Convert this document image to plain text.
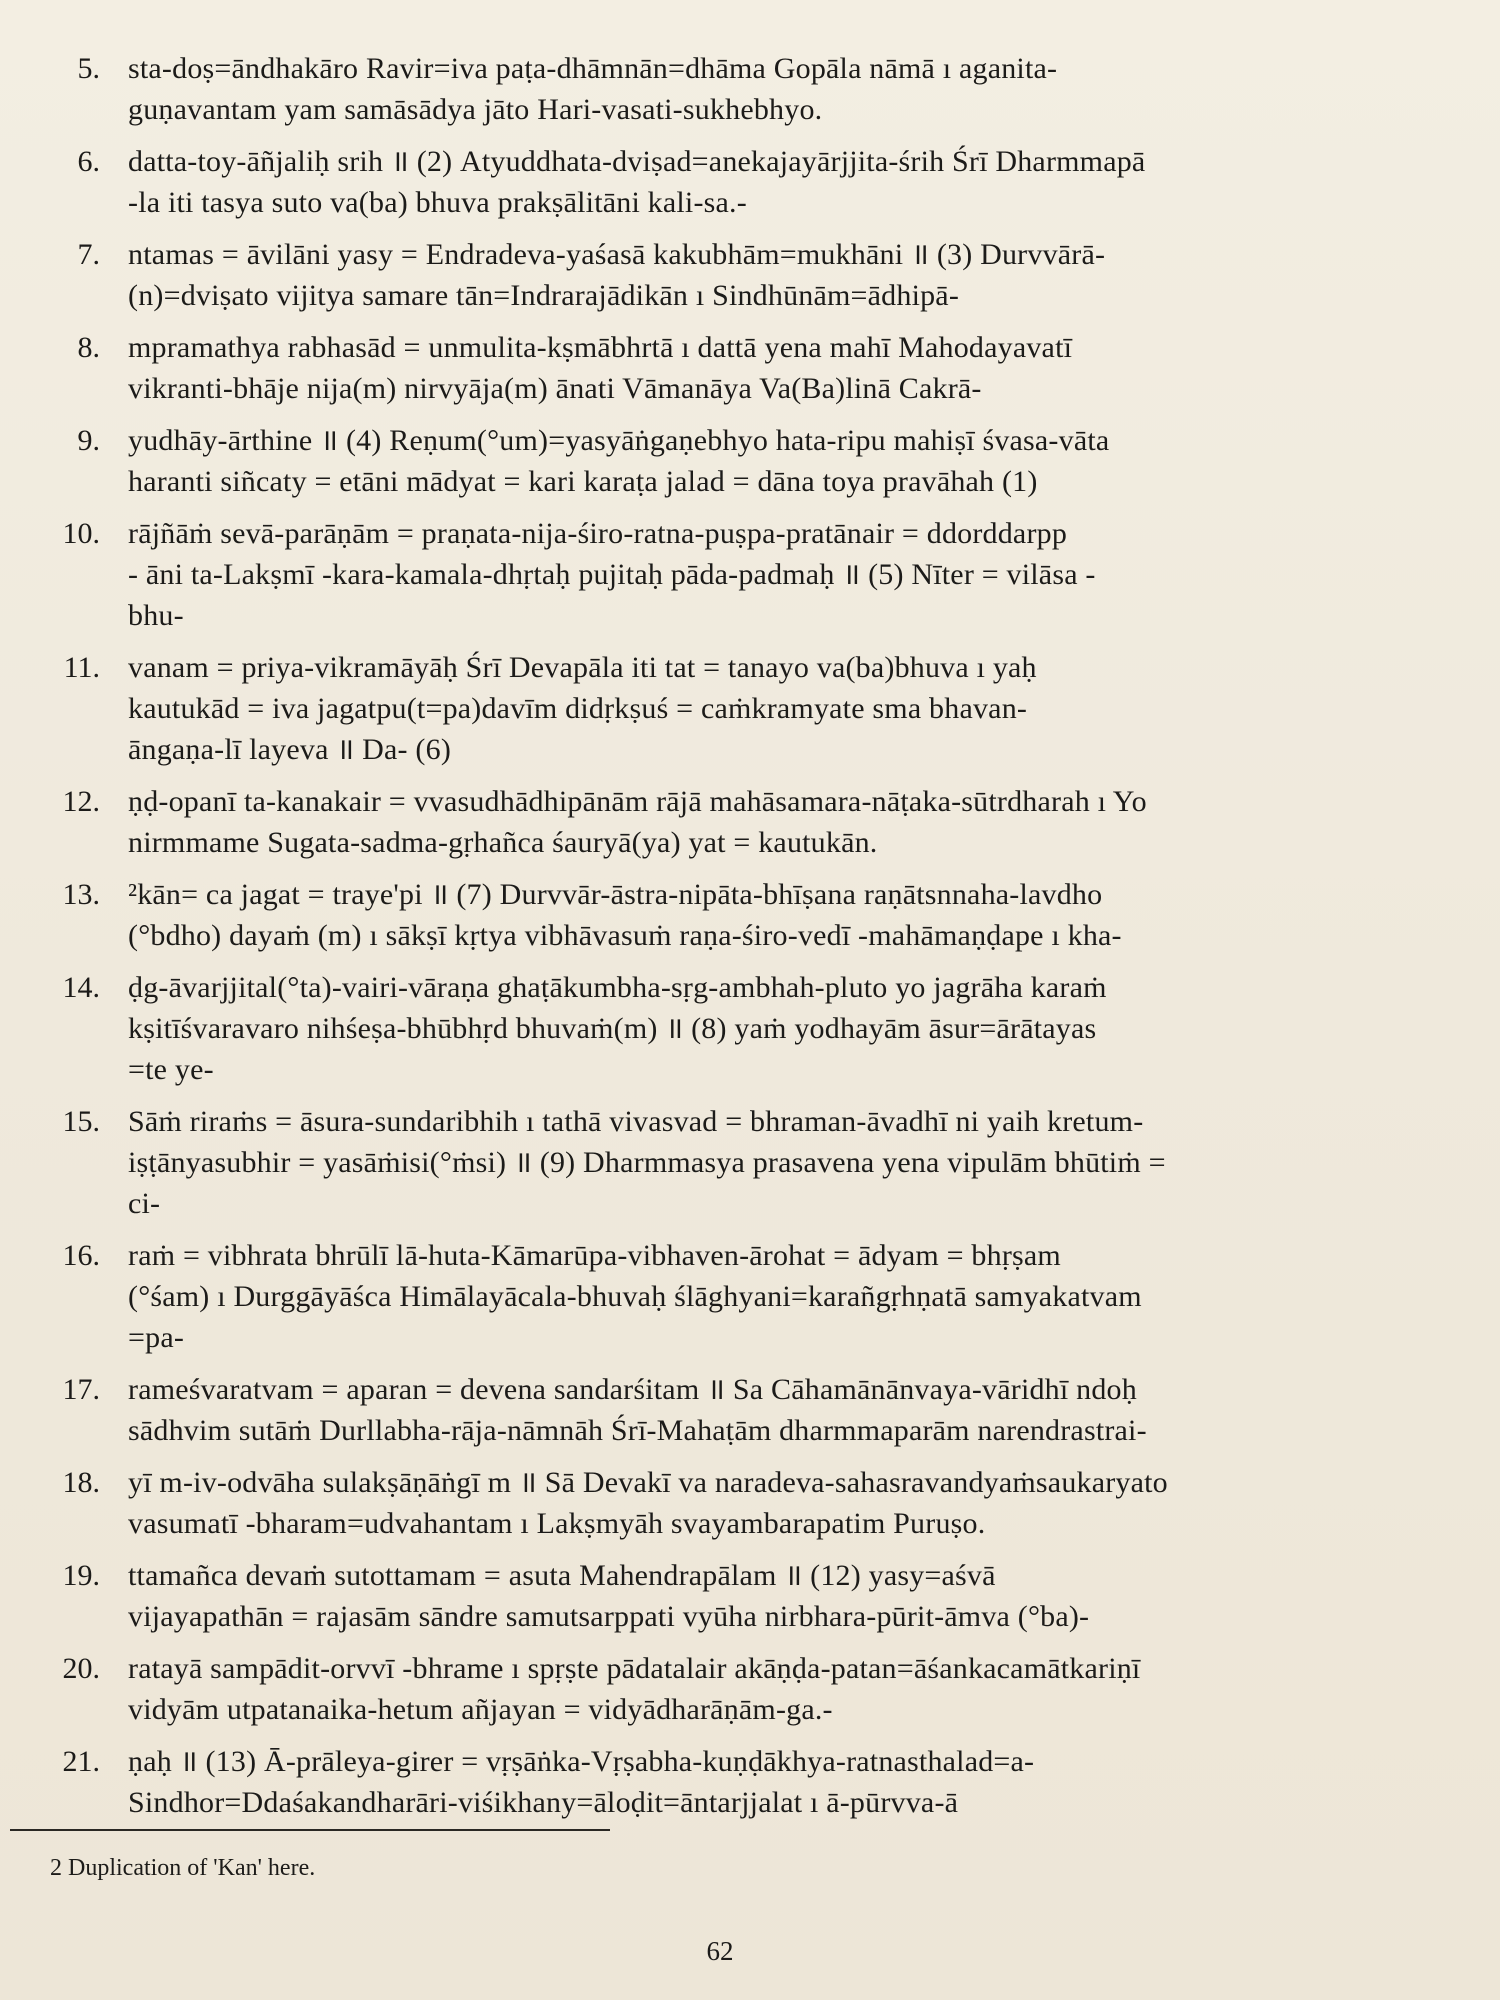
5. sta-doṣ=āndhakāro Ravir=iva paṭa-dhāmnān=dhāma Gopāla nāmā ı aganita-
guṇavantam yam samāsādya jāto Hari-vasati-sukhebhyo.
6. datta-toy-āñjaliḥ srih ॥ (2) Atyuddhata-dviṣad=anekajayārjjita-śrih Śrī Dharmmapā
-la iti tasya suto va(ba) bhuva prakṣālitāni kali-sa.-
7. ntamas = āvilāni yasy = Endradeva-yaśasā kakubhām=mukhāni ॥ (3) Durvvārā-
(n)=dviṣato vijitya samare tān=Indrarajādikān ı Sindhūnām=ādhipā-
8. mpramathya rabhasād = unmulita-kṣmābhrtā ı dattā yena mahī Mahodayavatī
vikranti-bhāje nija(m) nirvyāja(m) ānati Vāmanāya Va(Ba)linā Cakrā-
9. yudhāy-ārthine ॥ (4) Reṇum(°um)=yasyāṅgaṇebhyo hata-ripu mahiṣī śvasa-vāta
haranti siñcaty = etāni mādyat = kari karaṭa jalad = dāna toya pravāhah (1)
10. rājñāṁ sevā-parāṇām = praṇata-nija-śiro-ratna-puṣpa-pratānair = ddorddarpp
- āni ta-Lakṣmī -kara-kamala-dhṛtaḥ pujitaḥ pāda-padmaḥ ॥ (5) Nīter = vilāsa -
bhu-
11. vanam = priya-vikramāyāḥ Śrī Devapāla iti tat = tanayo va(ba)bhuva ı yaḥ
kautukād = iva jagatpu(t=pa)davīm didṛkṣuś = caṁkramyate sma bhavan-
āngaṇa-lī layeva ॥ Da- (6)
12. ṇḍ-opanī ta-kanakair = vvasudhādhipānām rājā mahāsamara-nāṭaka-sūtrdharah ı Yo
nirmmame Sugata-sadma-gṛhañca śauryā(ya) yat = kautukān.
13. ²kān= ca jagat = traye'pi ॥ (7) Durvvār-āstra-nipāta-bhīṣana raṇātsnnaha-lavdho
(°bdho) dayaṁ (m) ı sākṣī kṛtya vibhāvasuṁ raṇa-śiro-vedī -mahāmaṇḍape ı kha-
14. ḍg-āvarjjital(°ta)-vairi-vāraṇa ghaṭākumbha-sṛg-ambhah-pluto yo jagrāha karaṁ
kṣitīśvaravaro nihśeṣa-bhūbhṛd bhuvaṁ(m) ॥ (8) yaṁ yodhayām āsur=ārātayas
=te ye-
15. Sāṁ riraṁs = āsura-sundaribhih ı tathā vivasvad = bhraman-āvadhī ni yaih kretum-
iṣṭānyasubhir = yasāṁisi(°ṁsi) ॥ (9) Dharmmasya prasavena yena vipulām bhūtiṁ =
ci-
16. raṁ = vibhrata bhrūlī lā-huta-Kāmarūpa-vibhaven-ārohat = ādyam = bhṛṣam
(°śam) ı Durggāyāśca Himālayācala-bhuvaḥ ślāghyani=karañgṛhṇatā samyakatvam
=pa-
17. rameśvaratvam = aparan = devena sandarśitam ॥ Sa Cāhamānānvaya-vāridhī ndoḥ
sādhvim sutāṁ Durllabha-rāja-nāmnāh Śrī-Mahaṭām dharmmaparām narendrastrai-
18. yī m-iv-odvāha sulakṣāṇāṅgī m ॥ Sā Devakī va naradeva-sahasravandyaṁsaukaryato
vasumatī -bharam=udvahantam ı Lakṣmyāh svayambarapatim Puruṣo.
19. ttamañca devaṁ sutottamam = asuta Mahendrapālam ॥ (12) yasy=aśvā
vijayapathān = rajasām sāndre samutsarppati vyūha nirbhara-pūrit-āmva (°ba)-
20. ratayā sampādit-orvvī -bhrame ı spṛṣte pādatalair akāṇḍa-patan=āśankacamātkariṇī
vidyām utpatanaika-hetum añjayan = vidyādharāṇām-ga.-
21. ṇaḥ ॥ (13) Ā-prāleya-girer = vṛṣāṅka-Vṛṣabha-kuṇḍākhya-ratnasthalad=a-
Sindhor=Ddaśakandharāri-viśikhany=āloḍit=āntarjjalat ı ā-pūrvva-ā
2 Duplication of 'Kan' here.
62
